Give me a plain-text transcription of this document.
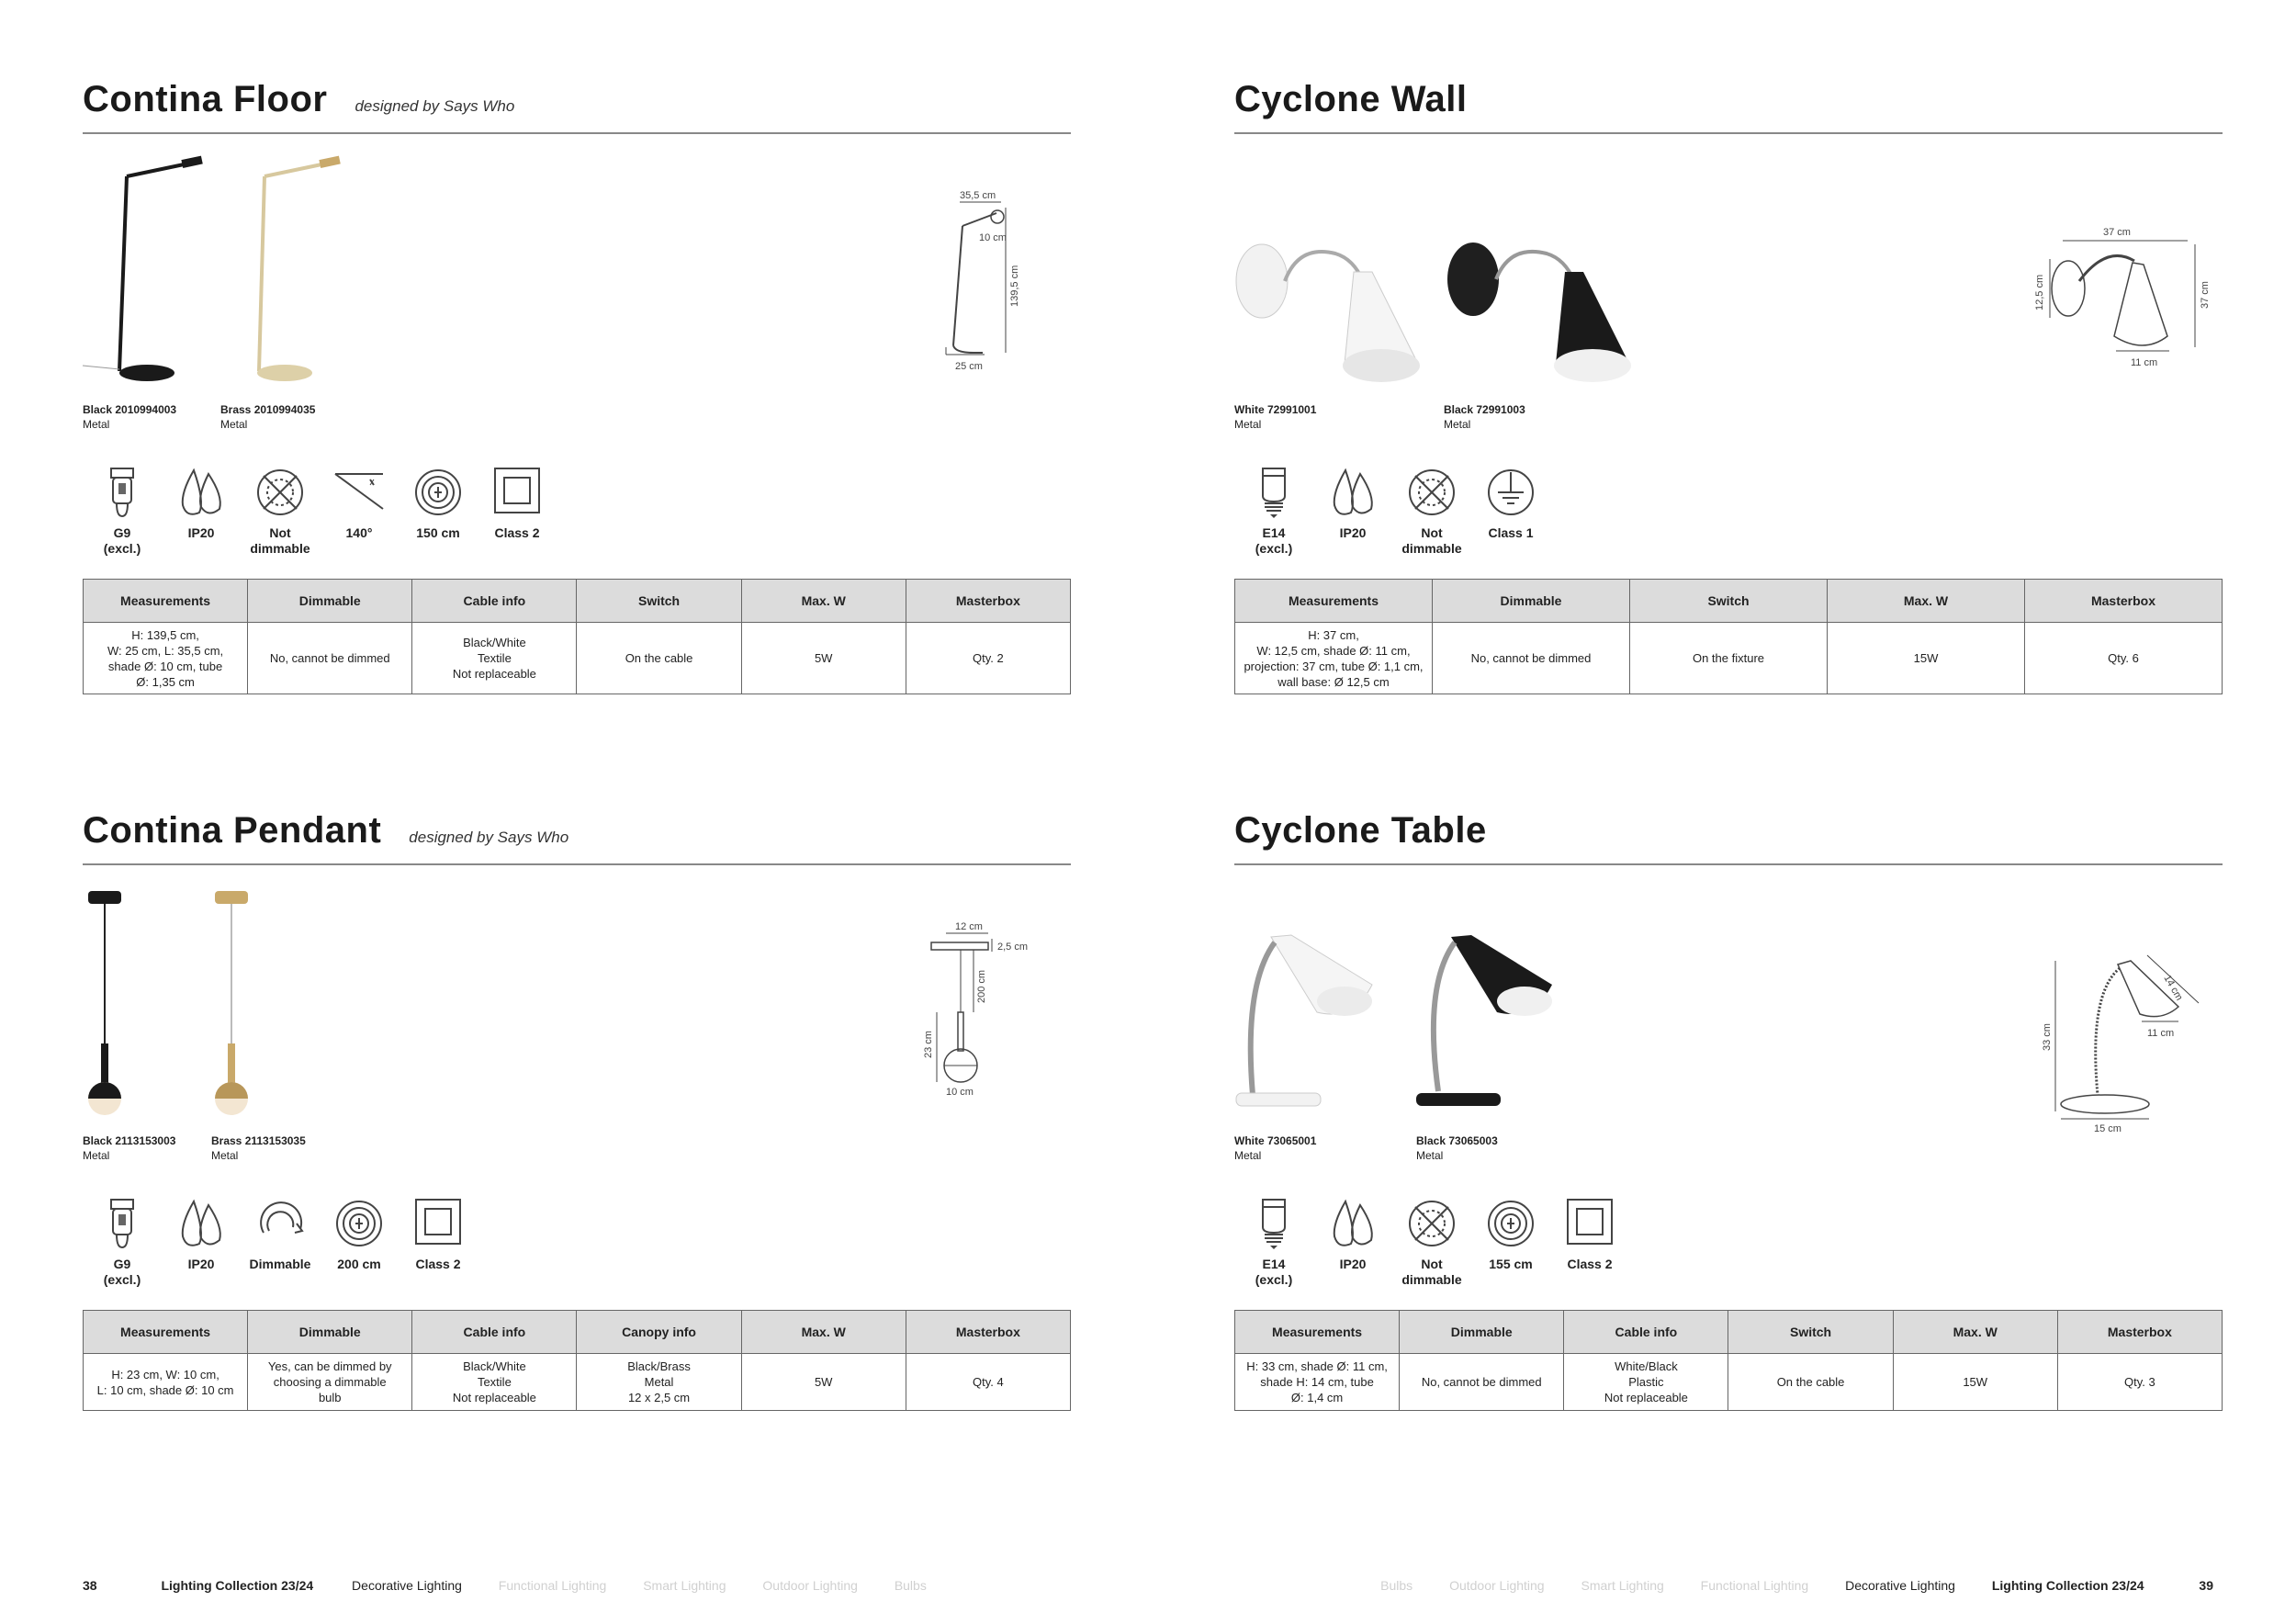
Contina Floor designed by Says Who
Black 2010994003
Metal
Brass 2010994035
Metal
35,5 cm
10 cm
139,5 cm
25 cm
G9
(excl.)
IP20	Not
dimmable
140°	150 cm	Class 2
Measurements	Dimmable	Cable info	Switch	Max. W	Masterbox
H: 139,5 cm,
W: 25 cm, L: 35,5 cm,
shade Ø: 10 cm, tube
Ø: 1,35 cm	No, cannot be dimmed	Black/White
Textile
Not replaceable	On the cable	5W	Qty. 2
Cyclone Wall
White 72991001
Metal
Black 72991003
Metal
37 cm
12,5 cm	37 cm
11 cm
E14
(excl.)
IP20	Not
dimmable
Class 1
Measurements	Dimmable	Switch	Max. W	Masterbox
H: 37 cm,
W: 12,5 cm, shade Ø: 11 cm,
projection: 37 cm, tube Ø: 1,1 cm,
wall base: Ø 12,5 cm	No, cannot be dimmed	On the fixture	15W	Qty. 6
Contina Pendant designed by Says Who
Black 2113153003
Metal
Brass 2113153035
Metal
12 cm
2,5 cm
200 cm
23 cm
10 cm
G9
(excl.)
IP20	Dimmable 200 cm	Class 2
Measurements	Dimmable	Cable info	Canopy info	Max. W	Masterbox
H: 23 cm, W: 10 cm,
L: 10 cm, shade Ø: 10 cm	Yes, can be dimmed by
choosing a dimmable
bulb	Black/White
Textile
Not replaceable	Black/Brass
Metal
12 x 2,5 cm	5W	Qty. 4
Cyclone Table
White 73065001
Metal
Black 73065003
Metal
14 cm
33 cm	11 cm
15 cm
E14
(excl.)
IP20	Not
dimmable
155 cm	Class 2
Measurements	Dimmable	Cable info	Switch	Max. W	Masterbox
H: 33 cm, shade Ø: 11 cm,
shade H: 14 cm, tube
Ø: 1,4 cm	No, cannot be dimmed	White/Black
Plastic
Not replaceable	On the cable	15W	Qty. 3
38	Lighting Collection 23/24	Decorative Lighting	Functional Lighting	Smart Lighting	Outdoor Lighting	Bulbs	Bulbs	Outdoor Lighting	Smart Lighting	Functional Lighting	Decorative Lighting	Lighting Collection 23/24	39
